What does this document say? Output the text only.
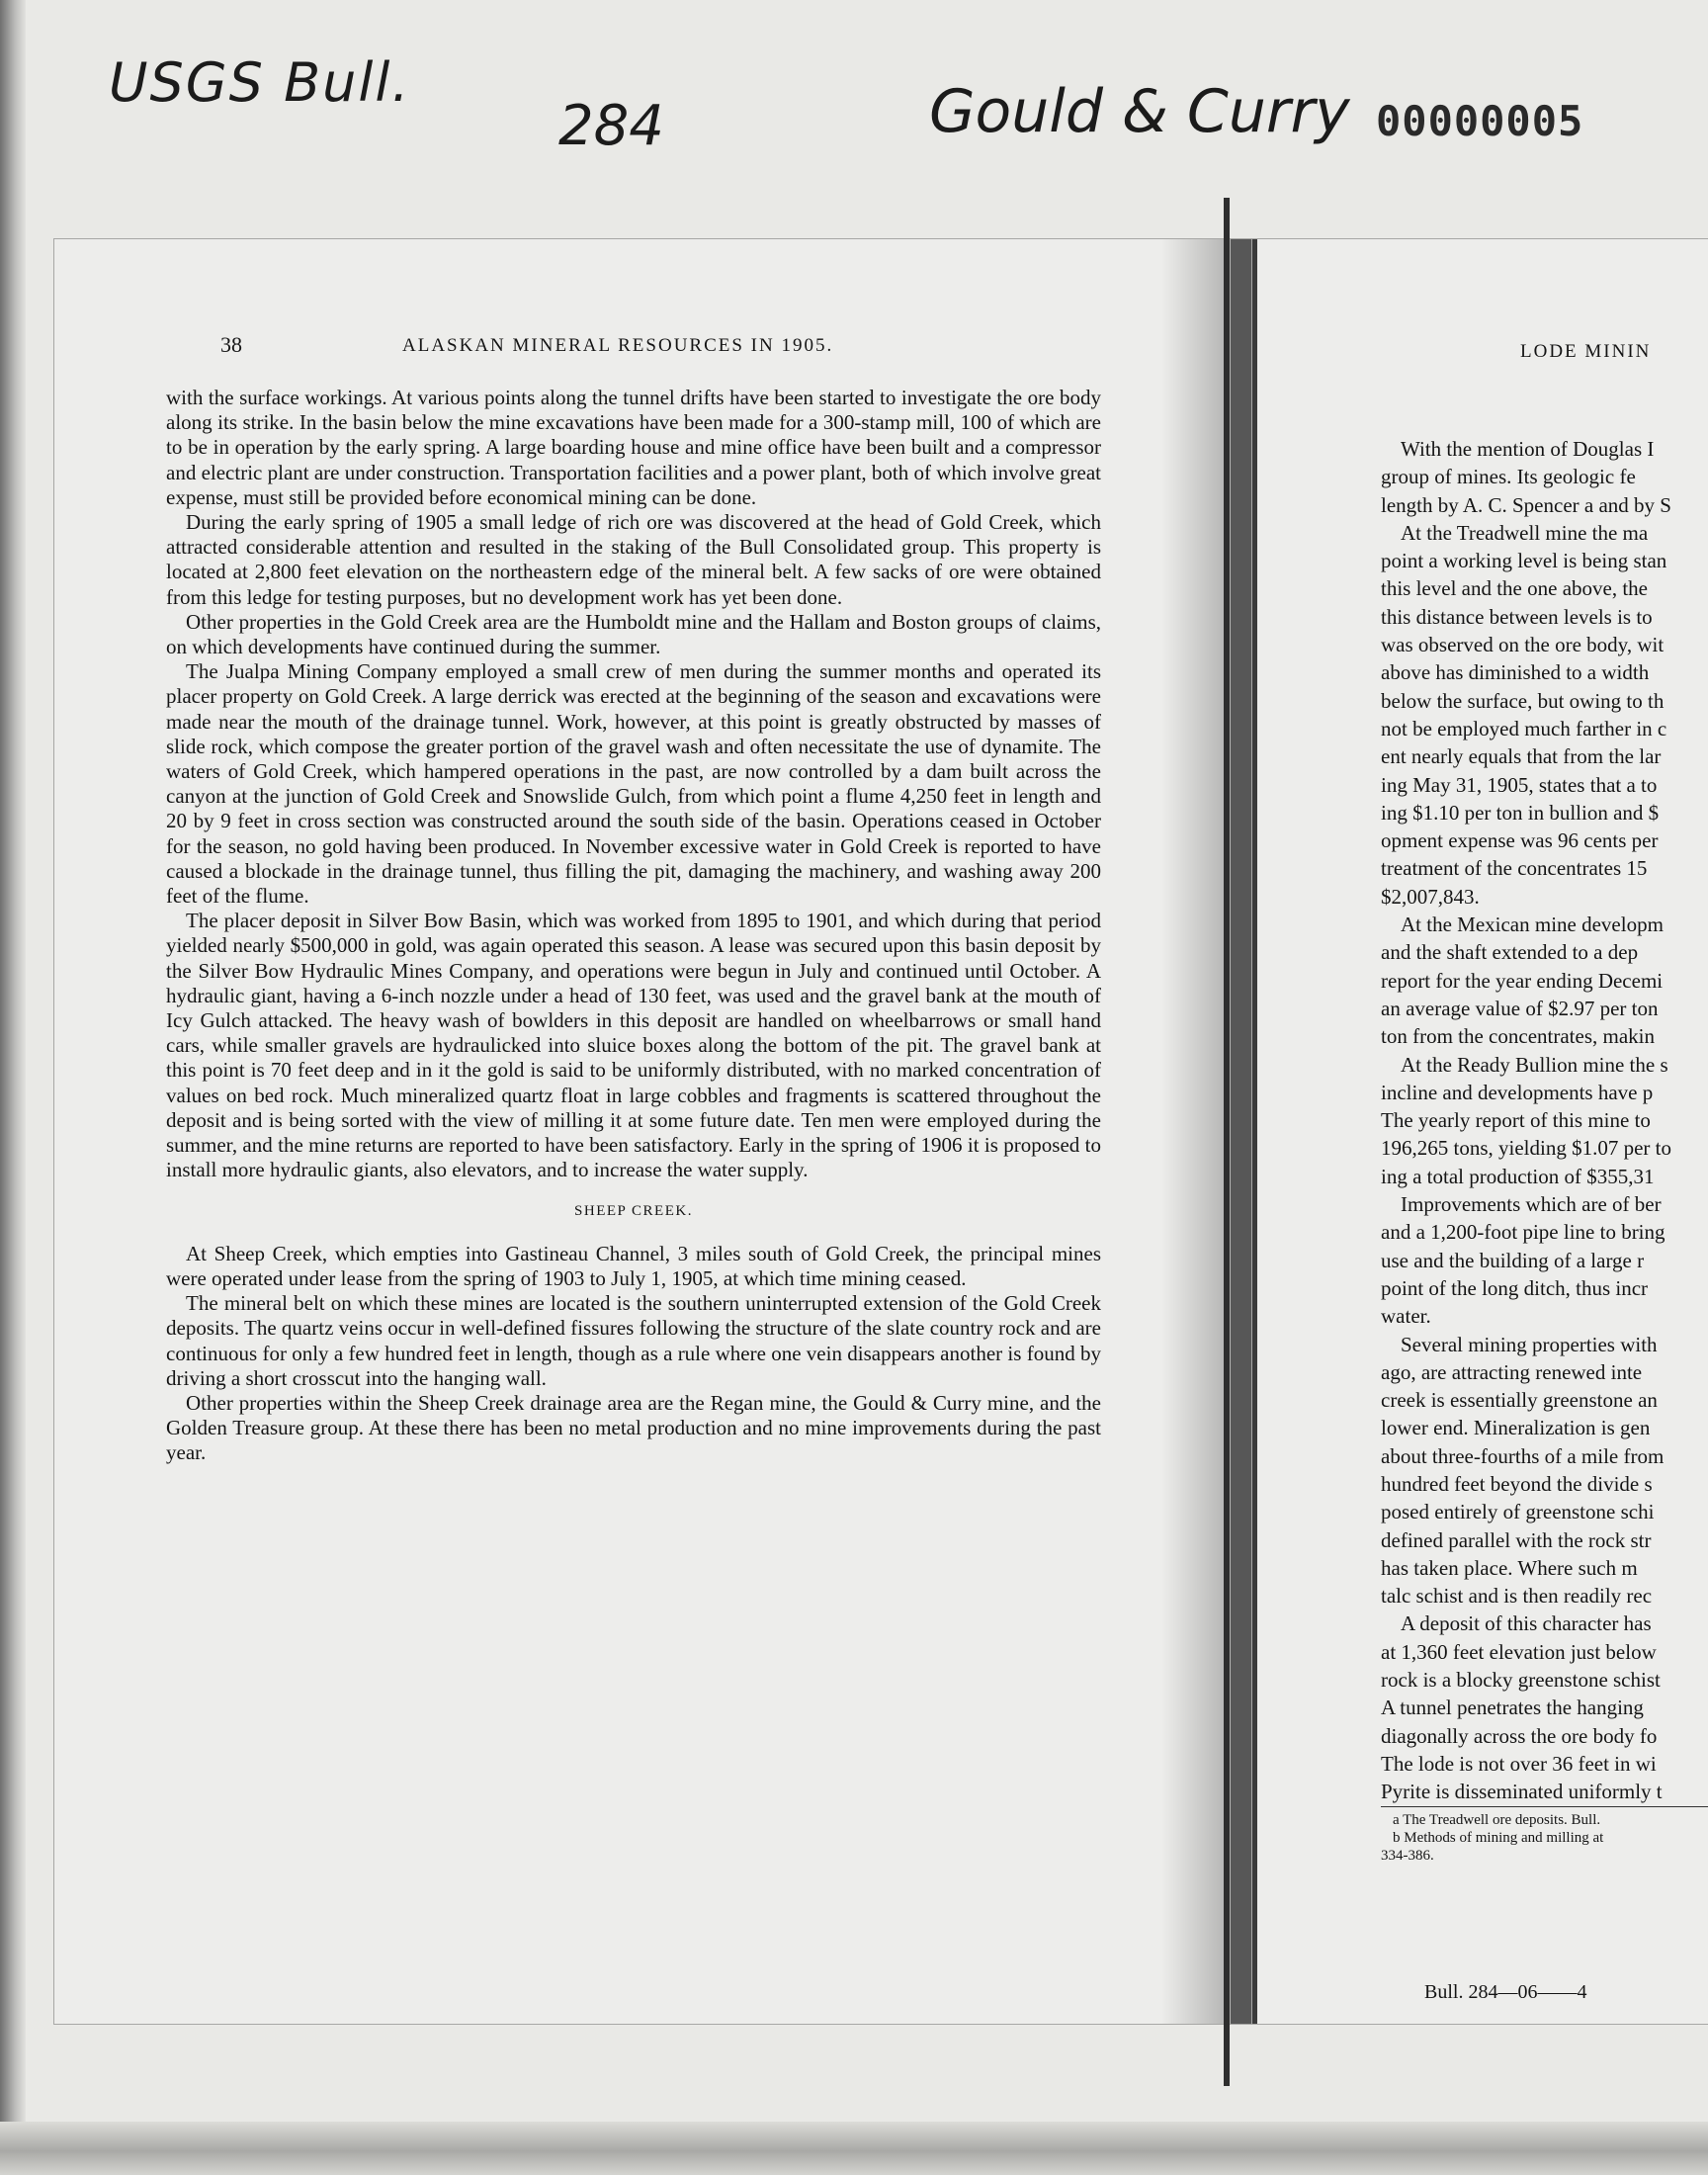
USGS Bull.
284	Gould & Curry 00000005
38	ALASKAN MINERAL RESOURCES IN 1905.

with the surface workings. At various points along the tunnel drifts have been started to investigate the ore body along its strike. In the basin below the mine excavations have been made for a 300-stamp mill, 100 of which are to be in operation by the early spring. A large boarding house and mine office have been built and a compressor and electric plant are under construction. Transportation facilities and a power plant, both of which involve great expense, must still be provided before economical mining can be done.

During the early spring of 1905 a small ledge of rich ore was discovered at the head of Gold Creek, which attracted considerable attention and resulted in the staking of the Bull Consolidated group. This property is located at 2,800 feet elevation on the northeastern edge of the mineral belt. A few sacks of ore were obtained from this ledge for testing purposes, but no development work has yet been done.

Other properties in the Gold Creek area are the Humboldt mine and the Hallam and Boston groups of claims, on which developments have continued during the summer.

The Jualpa Mining Company employed a small crew of men during the summer months and operated its placer property on Gold Creek. A large derrick was erected at the beginning of the season and excavations were made near the mouth of the drainage tunnel. Work, however, at this point is greatly obstructed by masses of slide rock, which compose the greater portion of the gravel wash and often necessitate the use of dynamite. The waters of Gold Creek, which hampered operations in the past, are now controlled by a dam built across the canyon at the junction of Gold Creek and Snowslide Gulch, from which point a flume 4,250 feet in length and 20 by 9 feet in cross section was constructed around the south side of the basin. Operations ceased in October for the season, no gold having been produced. In November excessive water in Gold Creek is reported to have caused a blockade in the drainage tunnel, thus filling the pit, damaging the machinery, and washing away 200 feet of the flume.

The placer deposit in Silver Bow Basin, which was worked from 1895 to 1901, and which during that period yielded nearly $500,000 in gold, was again operated this season. A lease was secured upon this basin deposit by the Silver Bow Hydraulic Mines Company, and operations were begun in July and continued until October. A hydraulic giant, having a 6-inch nozzle under a head of 130 feet, was used and the gravel bank at the mouth of Icy Gulch attacked. The heavy wash of bowlders in this deposit are handled on wheelbarrows or small hand cars, while smaller gravels are hydraulicked into sluice boxes along the bottom of the pit. The gravel bank at this point is 70 feet deep and in it the gold is said to be uniformly distributed, with no marked concentration of values on bed rock. Much mineralized quartz float in large cobbles and fragments is scattered throughout the deposit and is being sorted with the view of milling it at some future date. Ten men were employed during the summer, and the mine returns are reported to have been satisfactory. Early in the spring of 1906 it is proposed to install more hydraulic giants, also elevators, and to increase the water supply.

SHEEP CREEK.

At Sheep Creek, which empties into Gastineau Channel, 3 miles south of Gold Creek, the principal mines were operated under lease from the spring of 1903 to July 1, 1905, at which time mining ceased.

The mineral belt on which these mines are located is the southern uninterrupted extension of the Gold Creek deposits. The quartz veins occur in well-defined fissures following the structure of the slate country rock and are continuous for only a few hundred feet in length, though as a rule where one vein disappears another is found by driving a short crosscut into the hanging wall.

Other properties within the Sheep Creek drainage area are the Regan mine, the Gould & Curry mine, and the Golden Treasure group. At these there has been no metal production and no mine improvements during the past year.

LODE MININ
With the mention of Douglas I
group of mines. Its geologic fe
length by A. C. Spencer a and by S
At the Treadwell mine the ma
point a working level is being stan
this level and the one above, the
this distance between levels is to
was observed on the ore body, wit
above has diminished to a width
below the surface, but owing to th
not be employed much farther in c
ent nearly equals that from the lar
ing May 31, 1905, states that a to
ing $1.10 per ton in bullion and $
opment expense was 96 cents per
treatment of the concentrates 15
$2,007,843.
At the Mexican mine developm
and the shaft extended to a dep
report for the year ending Decemi
an average value of $2.97 per ton
ton from the concentrates, makin
At the Ready Bullion mine the s
incline and developments have p
The yearly report of this mine to
196,265 tons, yielding $1.07 per to
ing a total production of $355,31
Improvements which are of ber
and a 1,200-foot pipe line to bring
use and the building of a large r
point of the long ditch, thus incr
water.
Several mining properties with
ago, are attracting renewed inte
creek is essentially greenstone an
lower end. Mineralization is gen
about three-fourths of a mile from
hundred feet beyond the divide s
posed entirely of greenstone schi
defined parallel with the rock str
has taken place. Where such m
talc schist and is then readily rec
A deposit of this character has
at 1,360 feet elevation just below
rock is a blocky greenstone schist
A tunnel penetrates the hanging
diagonally across the ore body fo
The lode is not over 36 feet in wi
Pyrite is disseminated uniformly t
a The Treadwell ore deposits. Bull.
b Methods of mining and milling at
334-386.
Bull. 284—06——4
